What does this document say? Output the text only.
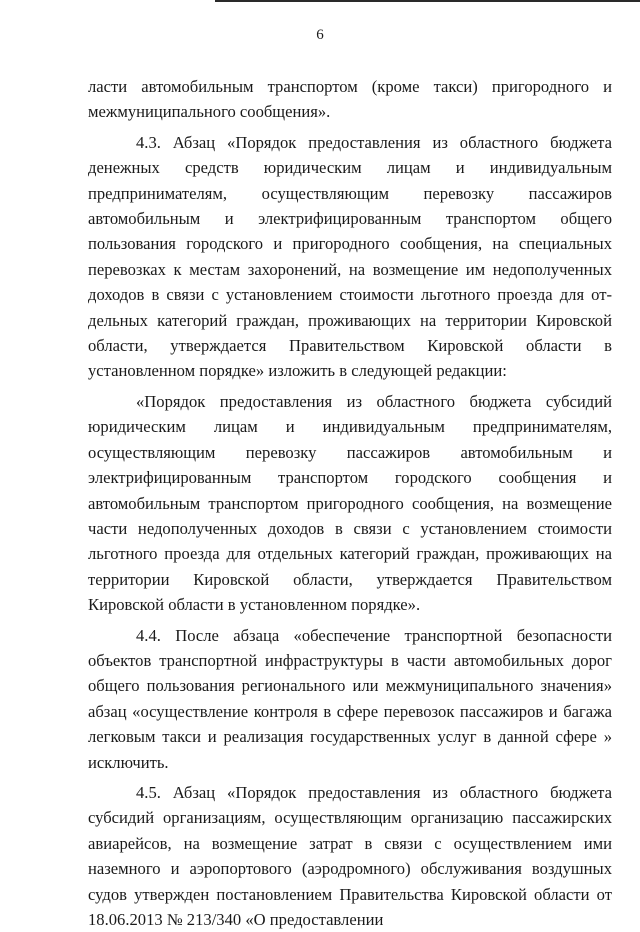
6

ласти автомобильным транспортом (кроме такси) пригородного и межмуниципального сообщения».

4.3. Абзац «Порядок предоставления из областного бюджета денежных средств юридическим лицам и индивидуальным предпринимателям, осуществляющим перевозку пассажиров автомобильным и электрифицированным транспортом общего пользования городского и пригородного сообщения, на специальных перевозках к местам захоронений, на возмещение им недополученных доходов в связи с установлением стоимости льготного проезда для отдельных категорий граждан, проживающих на территории Кировской области, утверждается Правительством Кировской области в установленном порядке» изложить в следующей редакции:

«Порядок предоставления из областного бюджета субсидий юридическим лицам и индивидуальным предпринимателям, осуществляющим перевозку пассажиров автомобильным и электрифицированным транспортом городского сообщения и автомобильным транспортом пригородного сообщения, на возмещение части недополученных доходов в связи с установлением стоимости льготного проезда для отдельных категорий граждан, проживающих на территории Кировской области, утверждается Правительством Кировской области в установленном порядке».

4.4. После абзаца «обеспечение транспортной безопасности объектов транспортной инфраструктуры в части автомобильных дорог общего пользования регионального или межмуниципального значения» абзац «осуществление контроля в сфере перевозок пассажиров и багажа легковым такси и реализация государственных услуг в данной сфере » исключить.

4.5. Абзац «Порядок предоставления из областного бюджета субсидий организациям, осуществляющим организацию пассажирских авиарейсов, на возмещение затрат в связи с осуществлением ими наземного и аэропортового (аэродромного) обслуживания воздушных судов утвержден постановлением Правительства Кировской области от 18.06.2013 № 213/340 «О предоставлении
